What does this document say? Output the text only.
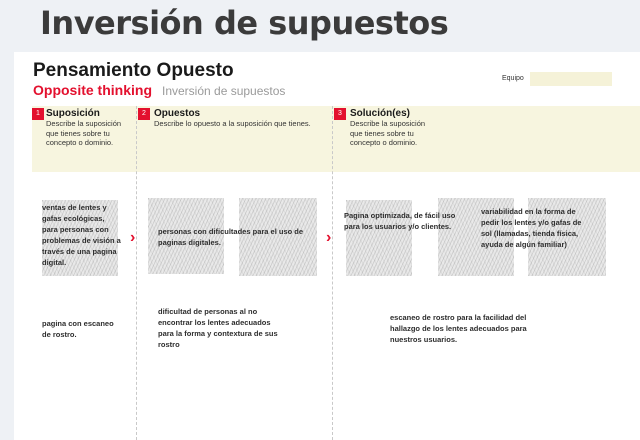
Inversión de supuestos
Pensamiento Opuesto
Opposite thinking Inversión de supuestos
Equipo
1 Suposición
Describe la suposición que tienes sobre tu concepto o dominio.
2 Opuestos
Describe lo opuesto a la suposición que tienes.
3 Solución(es)
Describe la suposición que tienes sobre tu concepto o dominio.
›	›
ventas de lentes y gafas ecológicas, para personas con problemas de visión a través de una pagina digital.
personas con dificultades para el uso de paginas digitales.
Pagina optimizada, de fácil uso para los usuarios y/o clientes.
variabilidad en la forma de pedir los lentes y/o gafas de sol (llamadas, tienda física, ayuda de algún familiar)
pagina con escaneo de rostro.
dificultad de personas al no encontrar los lentes adecuados para la forma y contextura de sus rostro
escaneo de rostro para la facilidad del hallazgo de los lentes adecuados para nuestros usuarios.
